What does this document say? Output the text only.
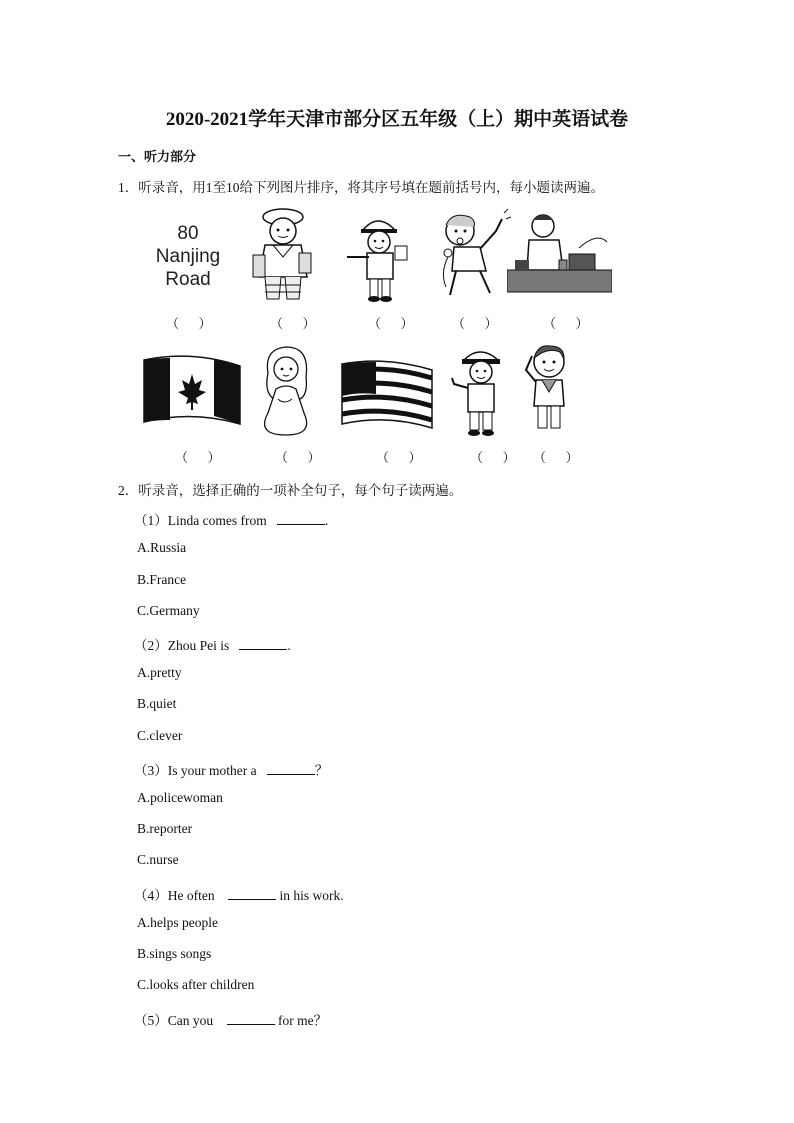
2020-2021学年天津市部分区五年级（上）期中英语试卷
一、听力部分
1．听录音，用1至10给下列图片排序，将其序号填在题前括号内，每小题读两遍。
80
Nanjing
Road
（      ）	（      ）	（      ）	（      ）	（      ）
（      ）	（      ）	（      ）	（      ） （      ）
2．听录音，选择正确的一项补全句子，每个句子读两遍。
（1）Linda comes from	.
A.Russia
B.France
C.Germany
（2）Zhou Pei is	.
A.pretty
B.quiet
C.clever
（3）Is your mother a	？
A.policewoman
B.reporter
C.nurse
（4）He often	in his work.
A.helps people
B.sings songs
C.looks after children
（5）Can you	for me？
